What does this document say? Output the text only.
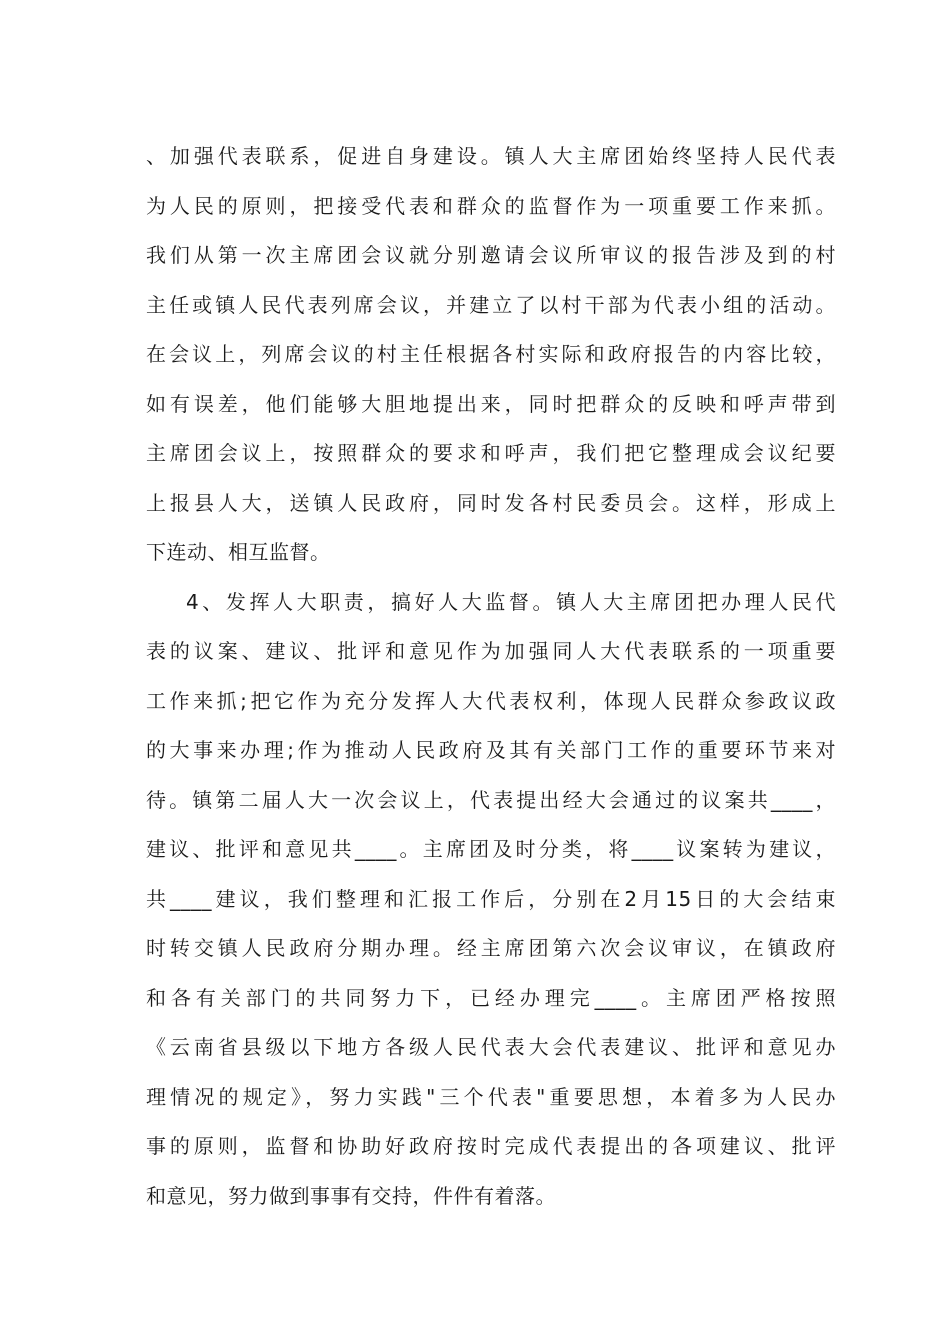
、加强代表联系，促进自身建设。镇人大主席团始终坚持人民代表
为人民的原则，把接受代表和群众的监督作为一项重要工作来抓。
我们从第一次主席团会议就分别邀请会议所审议的报告涉及到的村
主任或镇人民代表列席会议，并建立了以村干部为代表小组的活动。
在会议上，列席会议的村主任根据各村实际和政府报告的内容比较，
如有误差，他们能够大胆地提出来，同时把群众的反映和呼声带到
主席团会议上，按照群众的要求和呼声，我们把它整理成会议纪要
上报县人大，送镇人民政府，同时发各村民委员会。这样，形成上
下连动、相互监督。
4、发挥人大职责，搞好人大监督。镇人大主席团把办理人民代
表的议案、建议、批评和意见作为加强同人大代表联系的一项重要
工作来抓;把它作为充分发挥人大代表权利，体现人民群众参政议政
的大事来办理;作为推动人民政府及其有关部门工作的重要环节来对
待。镇第二届人大一次会议上，代表提出经大会通过的议案共____，
建议、批评和意见共____。主席团及时分类，将____议案转为建议，
共____建议，我们整理和汇报工作后，分别在2月15日的大会结束
时转交镇人民政府分期办理。经主席团第六次会议审议，在镇政府
和各有关部门的共同努力下，已经办理完____。主席团严格按照
《云南省县级以下地方各级人民代表大会代表建议、批评和意见办
理情况的规定》，努力实践"三个代表"重要思想，本着多为人民办
事的原则，监督和协助好政府按时完成代表提出的各项建议、批评
和意见，努力做到事事有交持，件件有着落。
